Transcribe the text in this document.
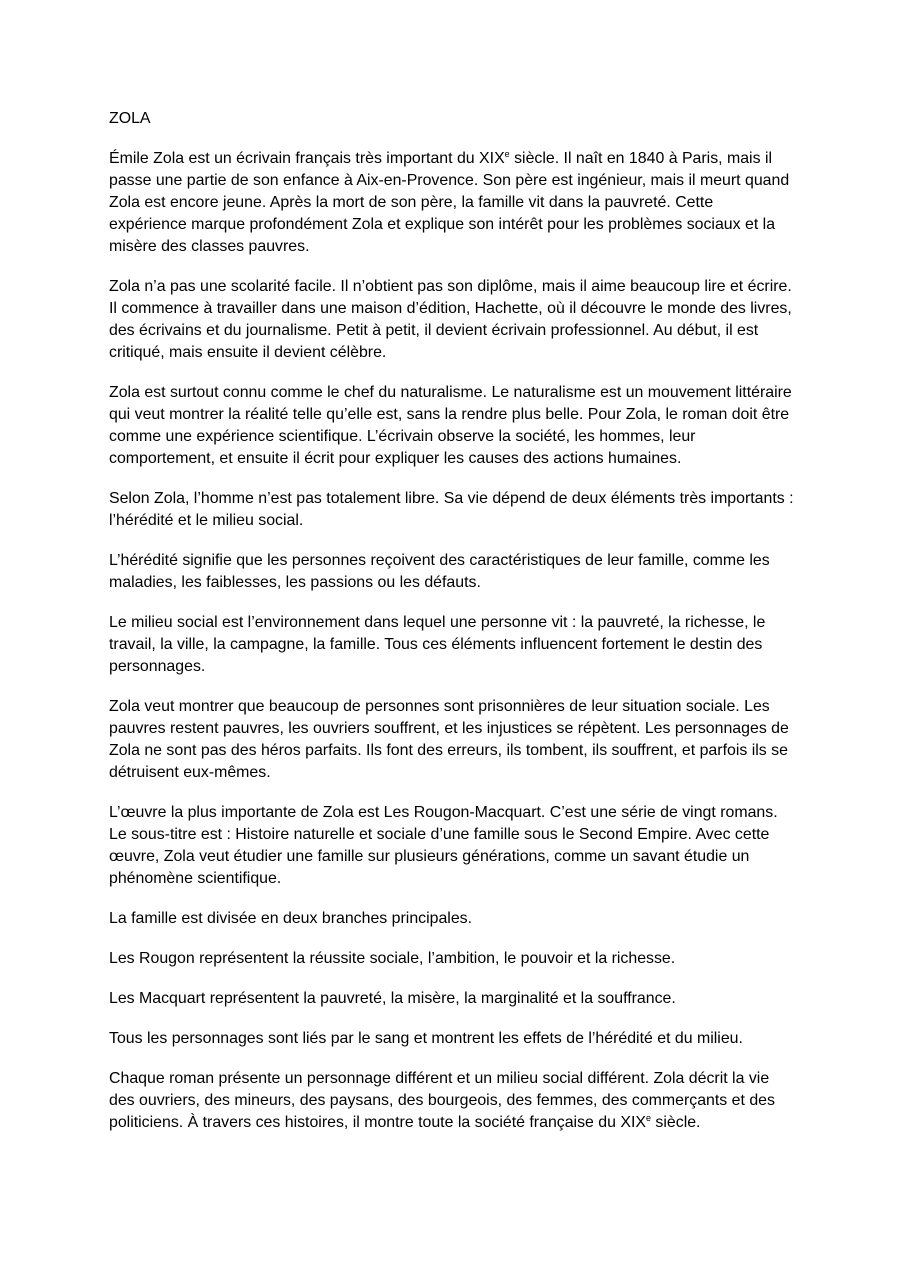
ZOLA

Émile Zola est un écrivain français très important du XIXe siècle. Il naît en 1840 à Paris, mais il passe une partie de son enfance à Aix-en-Provence. Son père est ingénieur, mais il meurt quand Zola est encore jeune. Après la mort de son père, la famille vit dans la pauvreté. Cette expérience marque profondément Zola et explique son intérêt pour les problèmes sociaux et la misère des classes pauvres.

Zola n’a pas une scolarité facile. Il n’obtient pas son diplôme, mais il aime beaucoup lire et écrire. Il commence à travailler dans une maison d’édition, Hachette, où il découvre le monde des livres, des écrivains et du journalisme. Petit à petit, il devient écrivain professionnel. Au début, il est critiqué, mais ensuite il devient célèbre.

Zola est surtout connu comme le chef du naturalisme. Le naturalisme est un mouvement littéraire qui veut montrer la réalité telle qu’elle est, sans la rendre plus belle. Pour Zola, le roman doit être comme une expérience scientifique. L’écrivain observe la société, les hommes, leur comportement, et ensuite il écrit pour expliquer les causes des actions humaines.

Selon Zola, l’homme n’est pas totalement libre. Sa vie dépend de deux éléments très importants : l’hérédité et le milieu social.

L’hérédité signifie que les personnes reçoivent des caractéristiques de leur famille, comme les maladies, les faiblesses, les passions ou les défauts.

Le milieu social est l’environnement dans lequel une personne vit : la pauvreté, la richesse, le travail, la ville, la campagne, la famille. Tous ces éléments influencent fortement le destin des personnages.

Zola veut montrer que beaucoup de personnes sont prisonnières de leur situation sociale. Les pauvres restent pauvres, les ouvriers souffrent, et les injustices se répètent. Les personnages de Zola ne sont pas des héros parfaits. Ils font des erreurs, ils tombent, ils souffrent, et parfois ils se détruisent eux-mêmes.

L’œuvre la plus importante de Zola est Les Rougon-Macquart. C’est une série de vingt romans. Le sous-titre est : Histoire naturelle et sociale d’une famille sous le Second Empire. Avec cette œuvre, Zola veut étudier une famille sur plusieurs générations, comme un savant étudie un phénomène scientifique.

La famille est divisée en deux branches principales.

Les Rougon représentent la réussite sociale, l’ambition, le pouvoir et la richesse.

Les Macquart représentent la pauvreté, la misère, la marginalité et la souffrance.

Tous les personnages sont liés par le sang et montrent les effets de l’hérédité et du milieu.

Chaque roman présente un personnage différent et un milieu social différent. Zola décrit la vie des ouvriers, des mineurs, des paysans, des bourgeois, des femmes, des commerçants et des politiciens. À travers ces histoires, il montre toute la société française du XIXe siècle.
